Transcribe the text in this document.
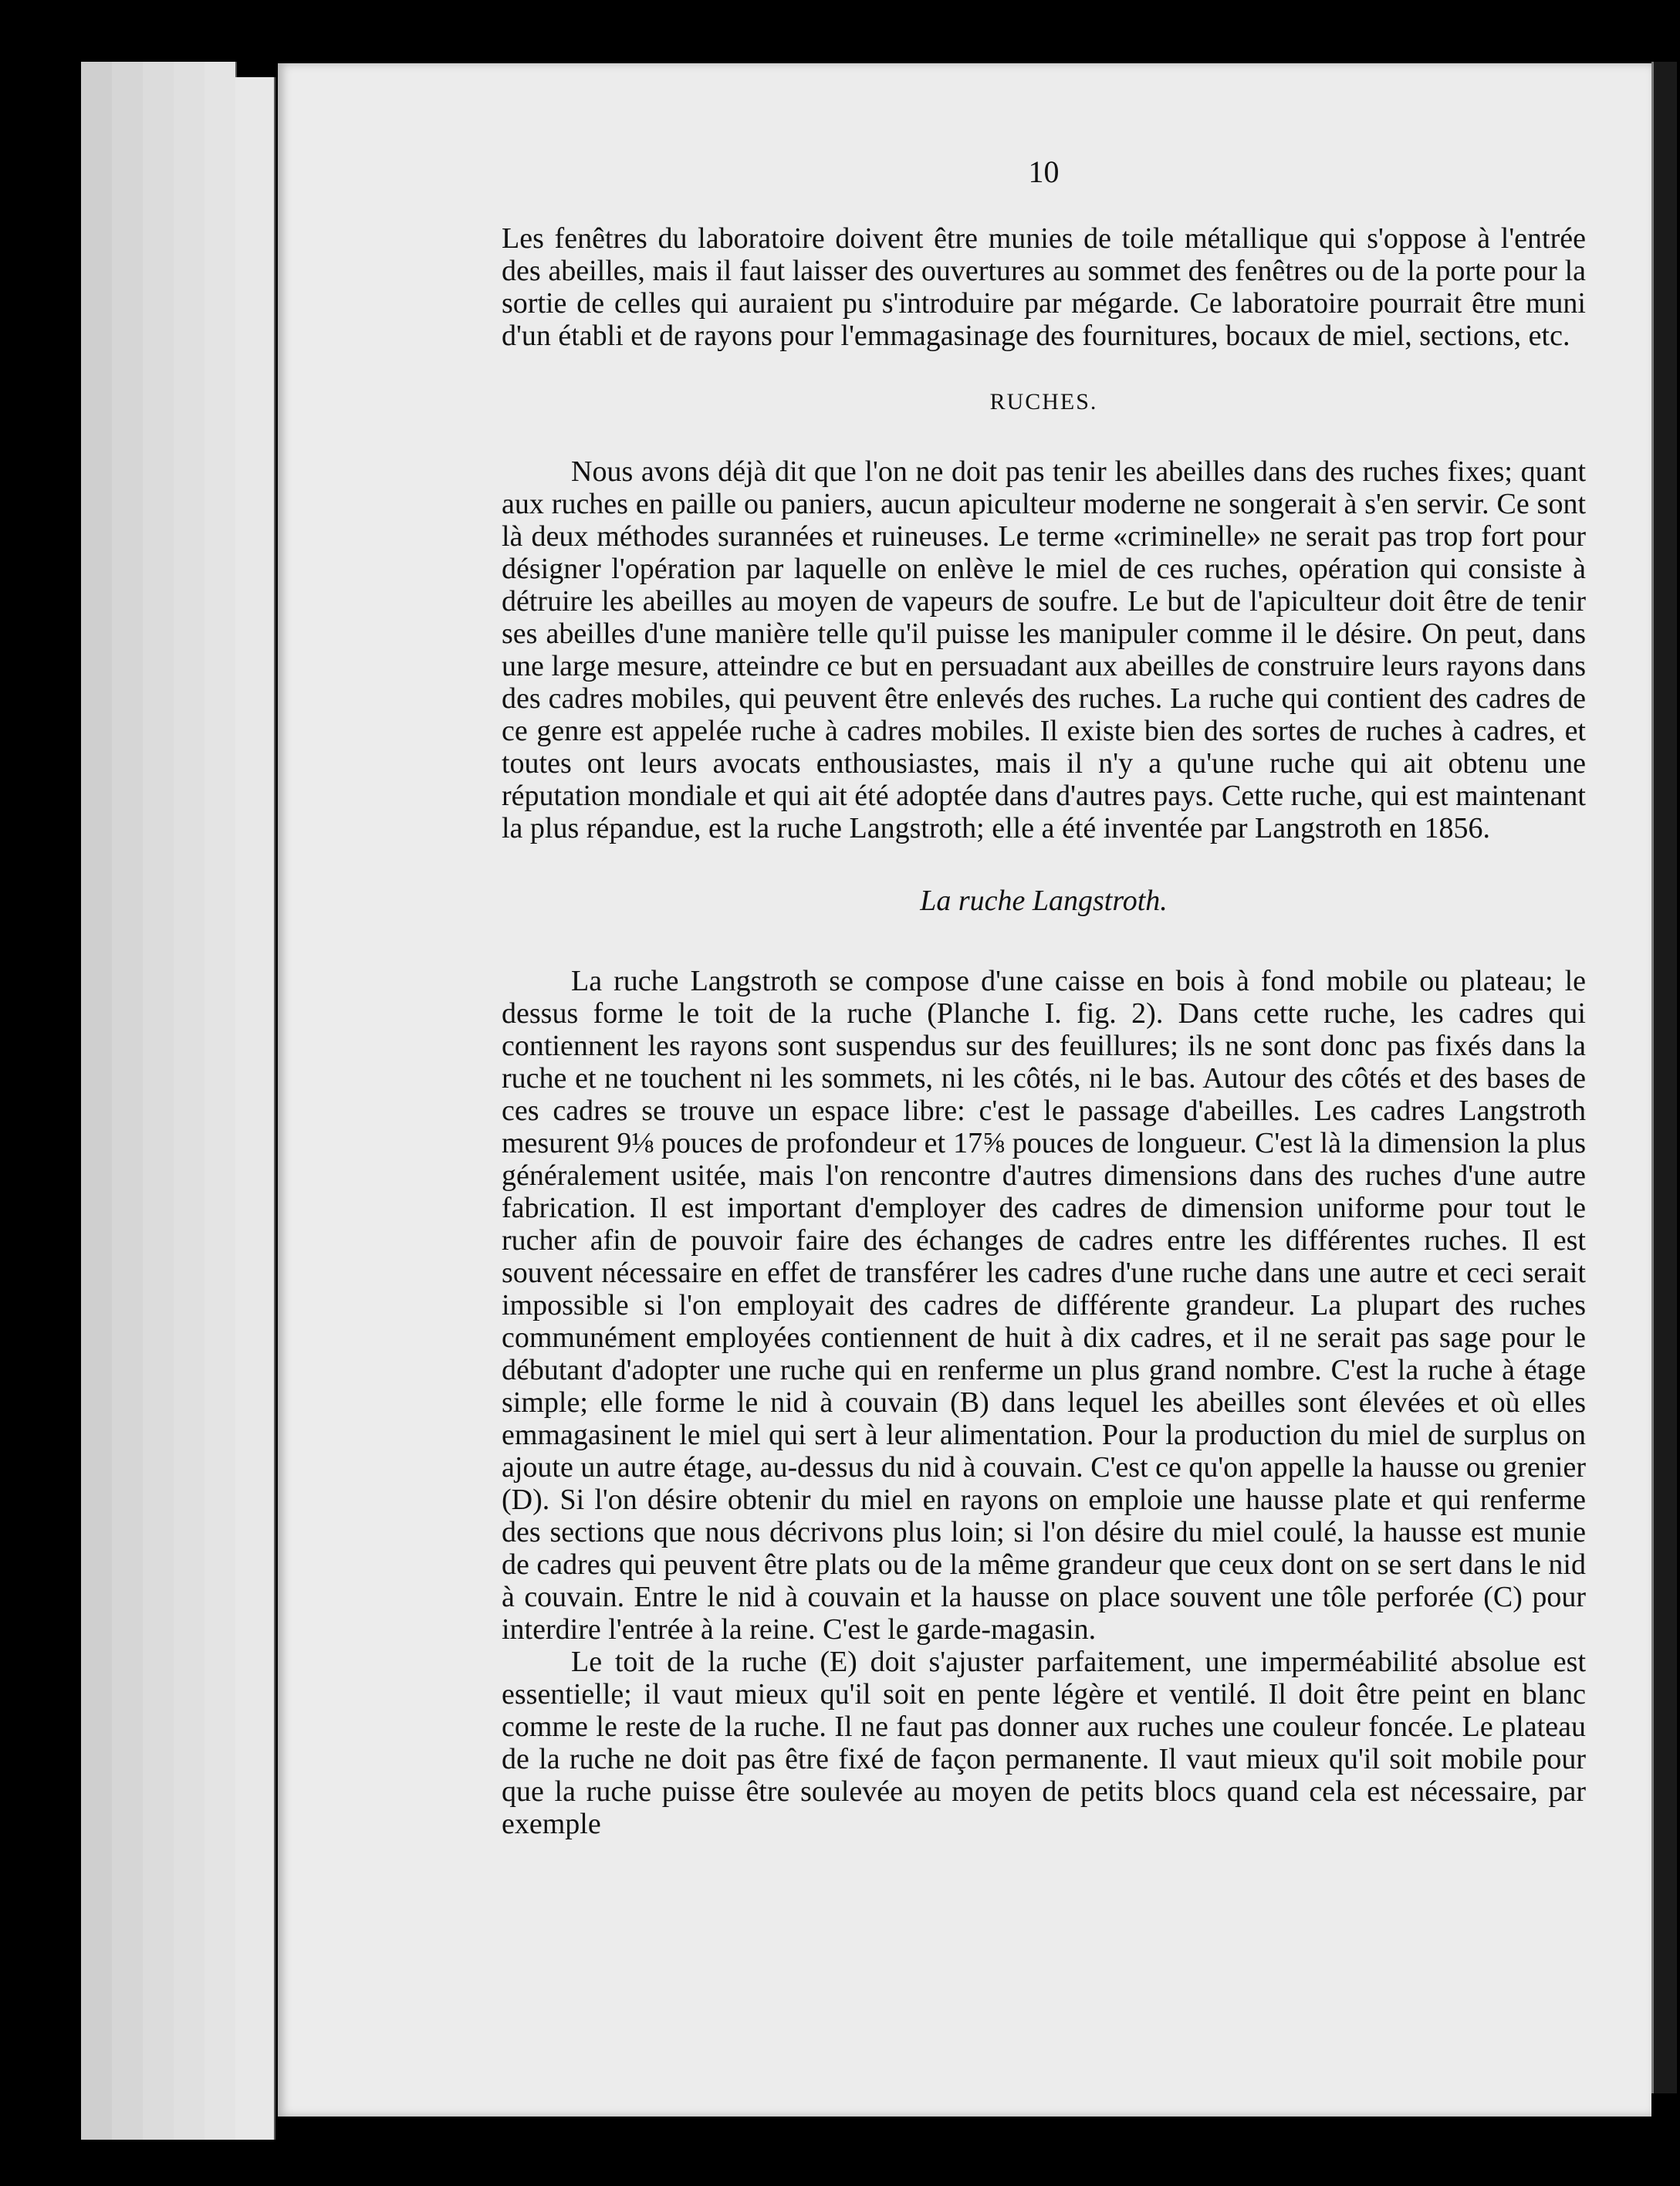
10

Les fenêtres du laboratoire doivent être munies de toile métallique qui s'oppose à l'entrée des abeilles, mais il faut laisser des ouvertures au sommet des fenêtres ou de la porte pour la sortie de celles qui auraient pu s'introduire par mégarde. Ce laboratoire pourrait être muni d'un établi et de rayons pour l'emmagasinage des fournitures, bocaux de miel, sections, etc.

RUCHES.

Nous avons déjà dit que l'on ne doit pas tenir les abeilles dans des ruches fixes; quant aux ruches en paille ou paniers, aucun apiculteur moderne ne songerait à s'en servir. Ce sont là deux méthodes surannées et ruineuses. Le terme «criminelle» ne serait pas trop fort pour désigner l'opération par laquelle on enlève le miel de ces ruches, opération qui consiste à détruire les abeilles au moyen de vapeurs de soufre. Le but de l'apiculteur doit être de tenir ses abeilles d'une manière telle qu'il puisse les manipuler comme il le désire. On peut, dans une large mesure, atteindre ce but en persuadant aux abeilles de construire leurs rayons dans des cadres mobiles, qui peuvent être enlevés des ruches. La ruche qui contient des cadres de ce genre est appelée ruche à cadres mobiles. Il existe bien des sortes de ruches à cadres, et toutes ont leurs avocats enthousiastes, mais il n'y a qu'une ruche qui ait obtenu une réputation mondiale et qui ait été adoptée dans d'autres pays. Cette ruche, qui est maintenant la plus répandue, est la ruche Langstroth; elle a été inventée par Langstroth en 1856.

La ruche Langstroth.

La ruche Langstroth se compose d'une caisse en bois à fond mobile ou plateau; le dessus forme le toit de la ruche (Planche I. fig. 2). Dans cette ruche, les cadres qui contiennent les rayons sont suspendus sur des feuillures; ils ne sont donc pas fixés dans la ruche et ne touchent ni les sommets, ni les côtés, ni le bas. Autour des côtés et des bases de ces cadres se trouve un espace libre: c'est le passage d'abeilles. Les cadres Langstroth mesurent 9⅛ pouces de profondeur et 17⅝ pouces de longueur. C'est là la dimension la plus généralement usitée, mais l'on rencontre d'autres dimensions dans des ruches d'une autre fabrication. Il est important d'employer des cadres de dimension uniforme pour tout le rucher afin de pouvoir faire des échanges de cadres entre les différentes ruches. Il est souvent nécessaire en effet de transférer les cadres d'une ruche dans une autre et ceci serait impossible si l'on employait des cadres de différente grandeur. La plupart des ruches communément employées contiennent de huit à dix cadres, et il ne serait pas sage pour le débutant d'adopter une ruche qui en renferme un plus grand nombre. C'est la ruche à étage simple; elle forme le nid à couvain (B) dans lequel les abeilles sont élevées et où elles emmagasinent le miel qui sert à leur alimentation. Pour la production du miel de surplus on ajoute un autre étage, au-dessus du nid à couvain. C'est ce qu'on appelle la hausse ou grenier (D). Si l'on désire obtenir du miel en rayons on emploie une hausse plate et qui renferme des sections que nous décrivons plus loin; si l'on désire du miel coulé, la hausse est munie de cadres qui peuvent être plats ou de la même grandeur que ceux dont on se sert dans le nid à couvain. Entre le nid à couvain et la hausse on place souvent une tôle perforée (C) pour interdire l'entrée à la reine. C'est le garde-magasin.

Le toit de la ruche (E) doit s'ajuster parfaitement, une imperméabilité absolue est essentielle; il vaut mieux qu'il soit en pente légère et ventilé. Il doit être peint en blanc comme le reste de la ruche. Il ne faut pas donner aux ruches une couleur foncée. Le plateau de la ruche ne doit pas être fixé de façon permanente. Il vaut mieux qu'il soit mobile pour que la ruche puisse être soulevée au moyen de petits blocs quand cela est nécessaire, par exemple
